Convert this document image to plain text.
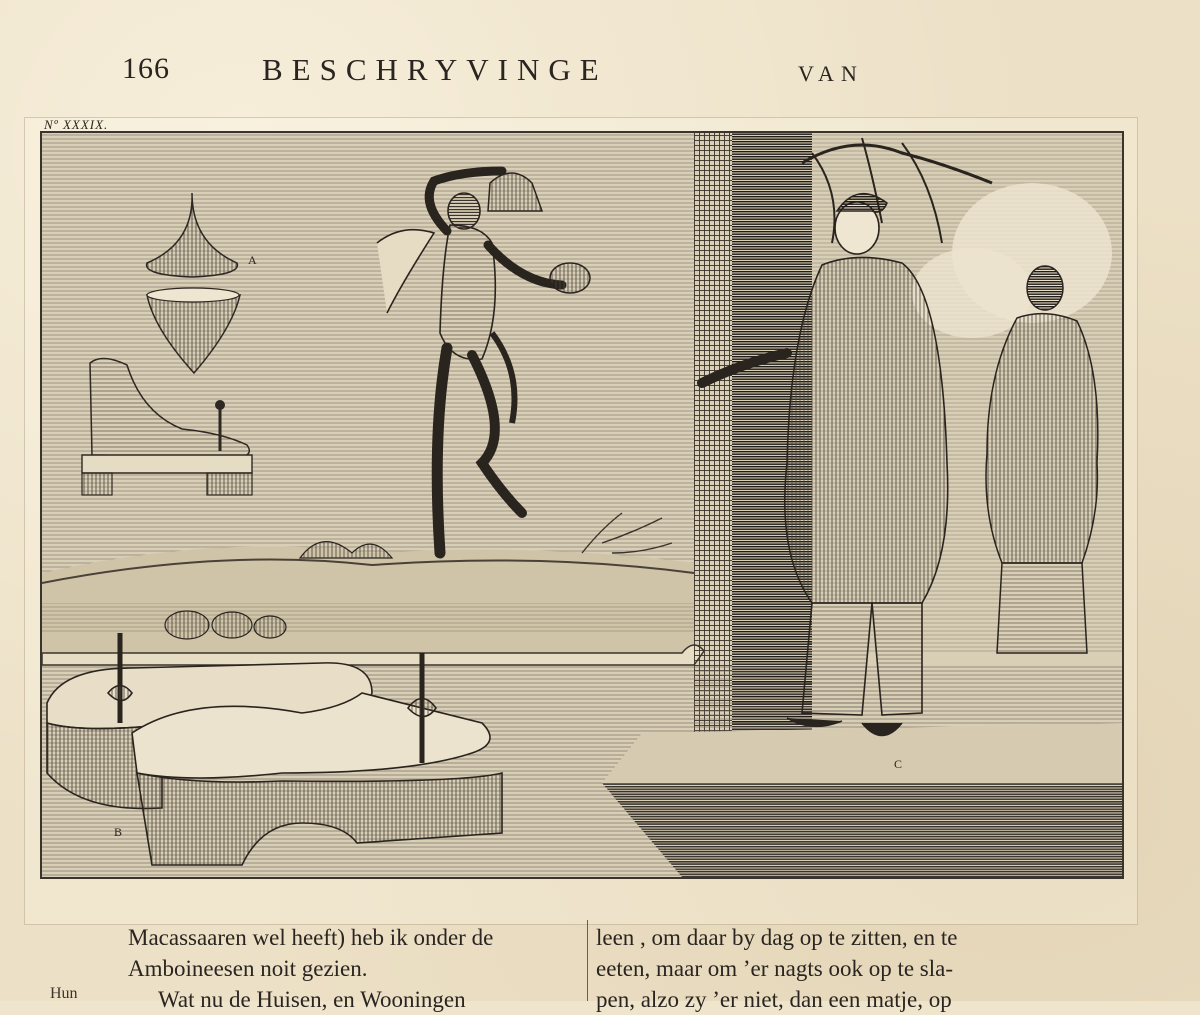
166	BESCHRYVINGE	VAN
Nº XXXIX.
A
B
C
Macassaaren wel heeft) heb ik onder de
Amboineesen noit gezien.
Wat nu de Huisen, en Wooningen
leen , om daar by dag op te zitten, en te
eeten, maar om ’er nagts ook op te sla-
pen, alzo zy ’er niet, dan een matje, op
Hun
